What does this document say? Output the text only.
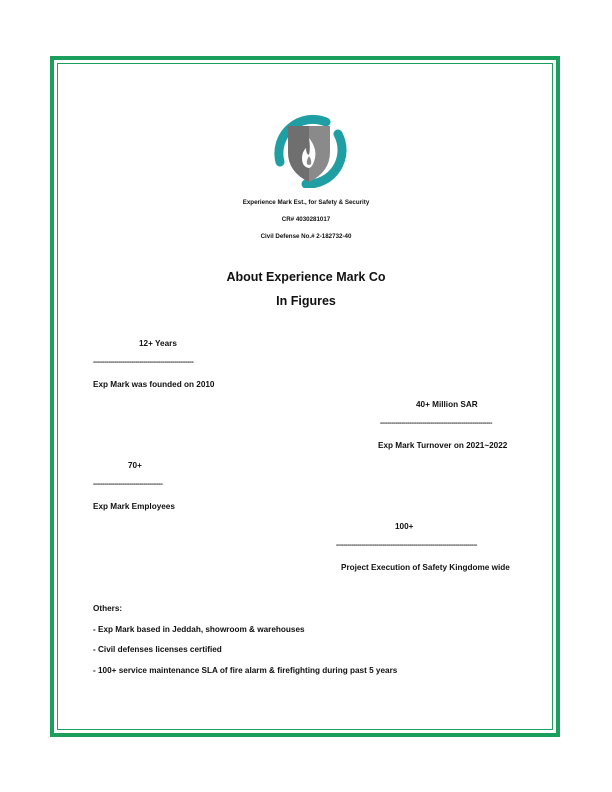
Experience Mark Est., for Safety & Security
CR# 4030281017
Civil Defense No.# 2-182732-40
About Experience Mark Co
In Figures
12+ Years
----------------------------------------------------
Exp Mark was founded on 2010
40+ Million SAR
----------------------------------------------------------
Exp Mark Turnover on 2021~2022
70+
------------------------------------
Exp Mark Employees
100+
-------------------------------------------------------------------------
Project Execution of Safety Kingdome wide
Others:
- Exp Mark based in Jeddah, showroom & warehouses
- Civil defenses licenses certified
- 100+ service maintenance SLA of fire alarm & firefighting during past 5 years
